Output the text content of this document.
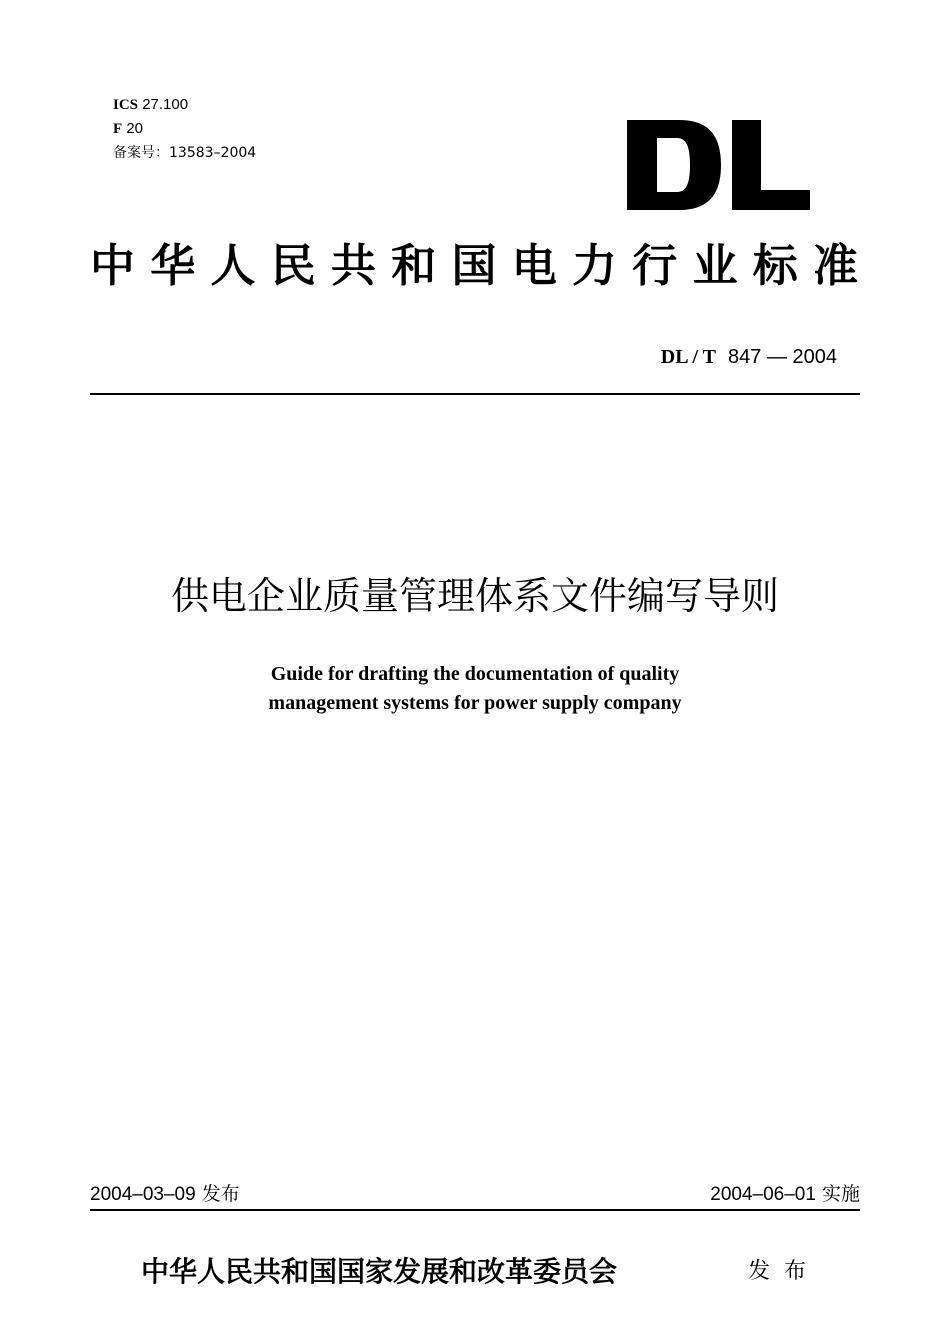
ICS 27.100
F 20
备案号：13583–2004
中华人民共和国电力行业标准
DL / T 847 — 2004
供电企业质量管理体系文件编写导则
Guide for drafting the documentation of quality
management systems for power supply company
2004–03–09 发布	2004–06–01 实施
中华人民共和国国家发展和改革委员会	发布
